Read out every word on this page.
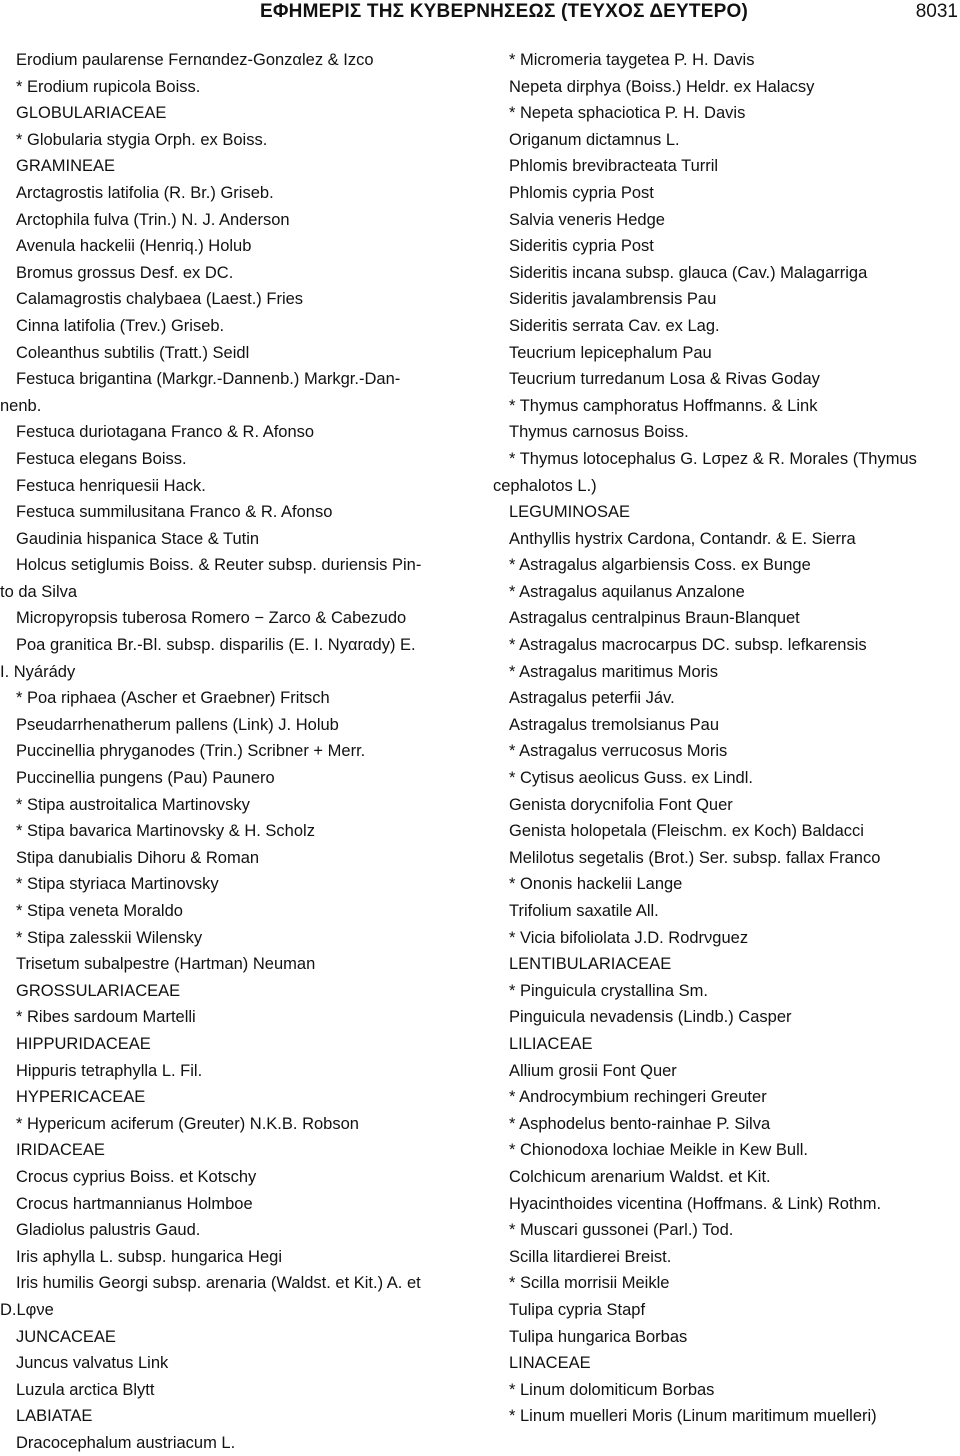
ΕΦΗΜΕΡΙΣ ΤΗΣ ΚΥΒΕΡΝΗΣΕΩΣ (ΤΕΥΧΟΣ ΔΕΥΤΕΡΟ)	8031
Erodium paularense Fernαndez-Gonzαlez & Izco
* Erodium rupicola Boiss.
GLOBULARIACEAE
* Globularia stygia Orph. ex Boiss.
GRAMINEAE
Arctagrostis latifolia (R. Br.) Griseb.
Arctophila fulva (Trin.) N. J. Anderson
Avenula hackelii (Henriq.) Holub
Bromus grossus Desf. ex DC.
Calamagrostis chalybaea (Laest.) Fries
Cinna latifolia (Trev.) Griseb.
Coleanthus subtilis (Tratt.) Seidl
Festuca brigantina (Markgr.-Dannenb.) Markgr.-Dan-
nenb.
Festuca duriotagana Franco & R. Afonso
Festuca elegans Boiss.
Festuca henriquesii Hack.
Festuca summilusitana Franco & R. Afonso
Gaudinia hispanica Stace & Tutin
Holcus setiglumis Boiss. & Reuter subsp. duriensis Pin-
to da Silva
Micropyropsis tuberosa Romero − Zarco & Cabezudo
Poa granitica Br.-Bl. subsp. disparilis (E. I. Nyαrαdy) E.
I. Nyárády
* Poa riphaea (Ascher et Graebner) Fritsch
Pseudarrhenatherum pallens (Link) J. Holub
Puccinellia phryganodes (Trin.) Scribner + Merr.
Puccinellia pungens (Pau) Paunero
* Stipa austroitalica Martinovsky
* Stipa bavarica Martinovsky & H. Scholz
Stipa danubialis Dihoru & Roman
* Stipa styriaca Martinovsky
* Stipa veneta Moraldo
* Stipa zalesskii Wilensky
Trisetum subalpestre (Hartman) Neuman
GROSSULARIACEAE
* Ribes sardoum Martelli
HIPPURIDACEAE
Hippuris tetraphylla L. Fil.
HYPERICACEAE
* Hypericum aciferum (Greuter) N.K.B. Robson
IRIDACEAE
Crocus cyprius Boiss. et Kotschy
Crocus hartmannianus Holmboe
Gladiolus palustris Gaud.
Iris aphylla L. subsp. hungarica Hegi
Iris humilis Georgi subsp. arenaria (Waldst. et Kit.) A. et
D.Lφνe
JUNCACEAE
Juncus valvatus Link
Luzula arctica Blytt
LABIATAE
Dracocephalum austriacum L.
* Micromeria taygetea P. H. Davis
Nepeta dirphya (Boiss.) Heldr. ex Halacsy
* Nepeta sphaciotica P. H. Davis
Origanum dictamnus L.
Phlomis brevibracteata Turril
Phlomis cypria Post
Salvia veneris Hedge
Sideritis cypria Post
Sideritis incana subsp. glauca (Cav.) Malagarriga
Sideritis javalambrensis Pau
Sideritis serrata Cav. ex Lag.
Teucrium lepicephalum Pau
Teucrium turredanum Losa & Rivas Goday
* Thymus camphoratus Hoffmanns. & Link
Thymus carnosus Boiss.
* Thymus lotocephalus G. Lσpez & R. Morales (Thymus
cephalotos L.)
LEGUMINOSAE
Anthyllis hystrix Cardona, Contandr. & E. Sierra
* Astragalus algarbiensis Coss. ex Bunge
* Astragalus aquilanus Anzalone
Astragalus centralpinus Braun-Blanquet
* Astragalus macrocarpus DC. subsp. lefkarensis
* Astragalus maritimus Moris
Astragalus peterfii Jáv.
Astragalus tremolsianus Pau
* Astragalus verrucosus Moris
* Cytisus aeolicus Guss. ex Lindl.
Genista dorycnifolia Font Quer
Genista holopetala (Fleischm. ex Koch) Baldacci
Melilotus segetalis (Brot.) Ser. subsp. fallax Franco
* Ononis hackelii Lange
Trifolium saxatile All.
* Vicia bifoliolata J.D. Rodrνguez
LENTIBULARIACEAE
* Pinguicula crystallina Sm.
Pinguicula nevadensis (Lindb.) Casper
LILIACEAE
Allium grosii Font Quer
* Androcymbium rechingeri Greuter
* Asphodelus bento-rainhae P. Silva
* Chionodoxa lochiae Meikle in Kew Bull.
Colchicum arenarium Waldst. et Kit.
Hyacinthoides vicentina (Hoffmans. & Link) Rothm.
* Muscari gussonei (Parl.) Tod.
Scilla litardierei Breist.
* Scilla morrisii Meikle
Tulipa cypria Stapf
Tulipa hungarica Borbas
LINACEAE
* Linum dolomiticum Borbas
* Linum muelleri Moris (Linum maritimum muelleri)
